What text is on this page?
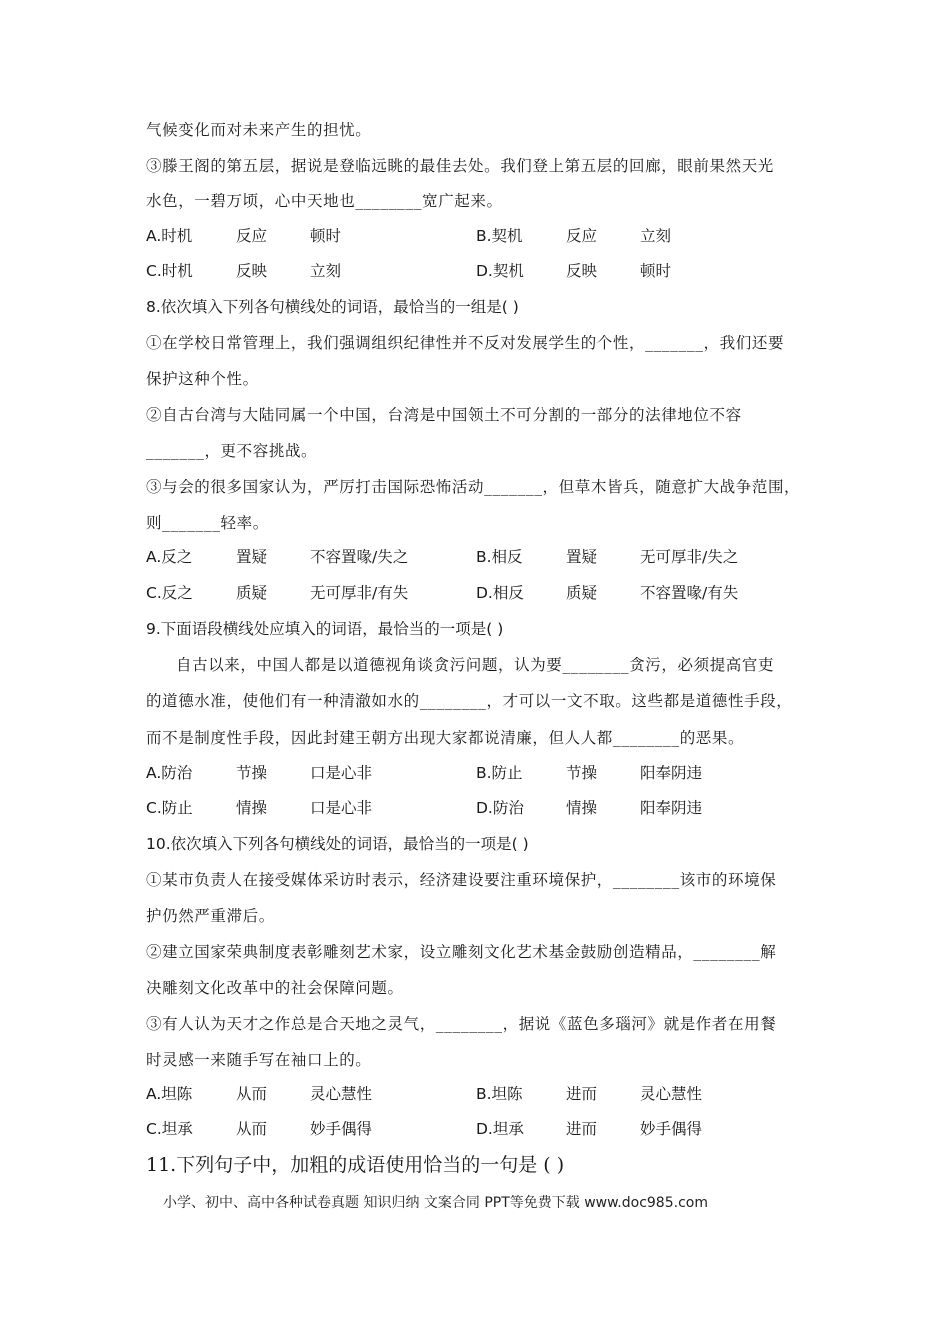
气候变化而对未来产生的担忧。
③滕王阁的第五层，据说是登临远眺的最佳去处。我们登上第五层的回廊，眼前果然天光
水色，一碧万顷，心中天地也________宽广起来。
A.时机	反应	顿时	B.契机	反应	立刻
C.时机	反映	立刻	D.契机	反映	顿时
8.依次填入下列各句横线处的词语，最恰当的一组是( )
①在学校日常管理上，我们强调组织纪律性并不反对发展学生的个性，_______，我们还要
保护这种个性。
②自古台湾与大陆同属一个中国，台湾是中国领土不可分割的一部分的法律地位不容
_______，更不容挑战。
③与会的很多国家认为，严厉打击国际恐怖活动_______，但草木皆兵，随意扩大战争范围，
则_______轻率。
A.反之	置疑	不容置喙/失之	B.相反	置疑	无可厚非/失之
C.反之	质疑	无可厚非/有失	D.相反	质疑	不容置喙/有失
9.下面语段横线处应填入的词语，最恰当的一项是( )
自古以来，中国人都是以道德视角谈贪污问题，认为要________贪污，必须提高官吏
的道德水准，使他们有一种清澈如水的________，才可以一文不取。这些都是道德性手段，
而不是制度性手段，因此封建王朝方出现大家都说清廉，但人人都________的恶果。
A.防治	节操	口是心非	B.防止	节操	阳奉阴违
C.防止	情操	口是心非	D.防治	情操	阳奉阴违
10.依次填入下列各句横线处的词语，最恰当的一项是( )
①某市负责人在接受媒体采访时表示，经济建设要注重环境保护，________该市的环境保
护仍然严重滞后。
②建立国家荣典制度表彰雕刻艺术家，设立雕刻文化艺术基金鼓励创造精品，________解
决雕刻文化改革中的社会保障问题。
③有人认为天才之作总是合天地之灵气，________，据说《蓝色多瑙河》就是作者在用餐
时灵感一来随手写在袖口上的。
A.坦陈	从而	灵心慧性	B.坦陈	进而	灵心慧性
C.坦承	从而	妙手偶得	D.坦承	进而	妙手偶得
11.下列句子中，加粗的成语使用恰当的一句是 ( )
小学、初中、高中各种试卷真题 知识归纳 文案合同 PPT等免费下载 www.doc985.com
